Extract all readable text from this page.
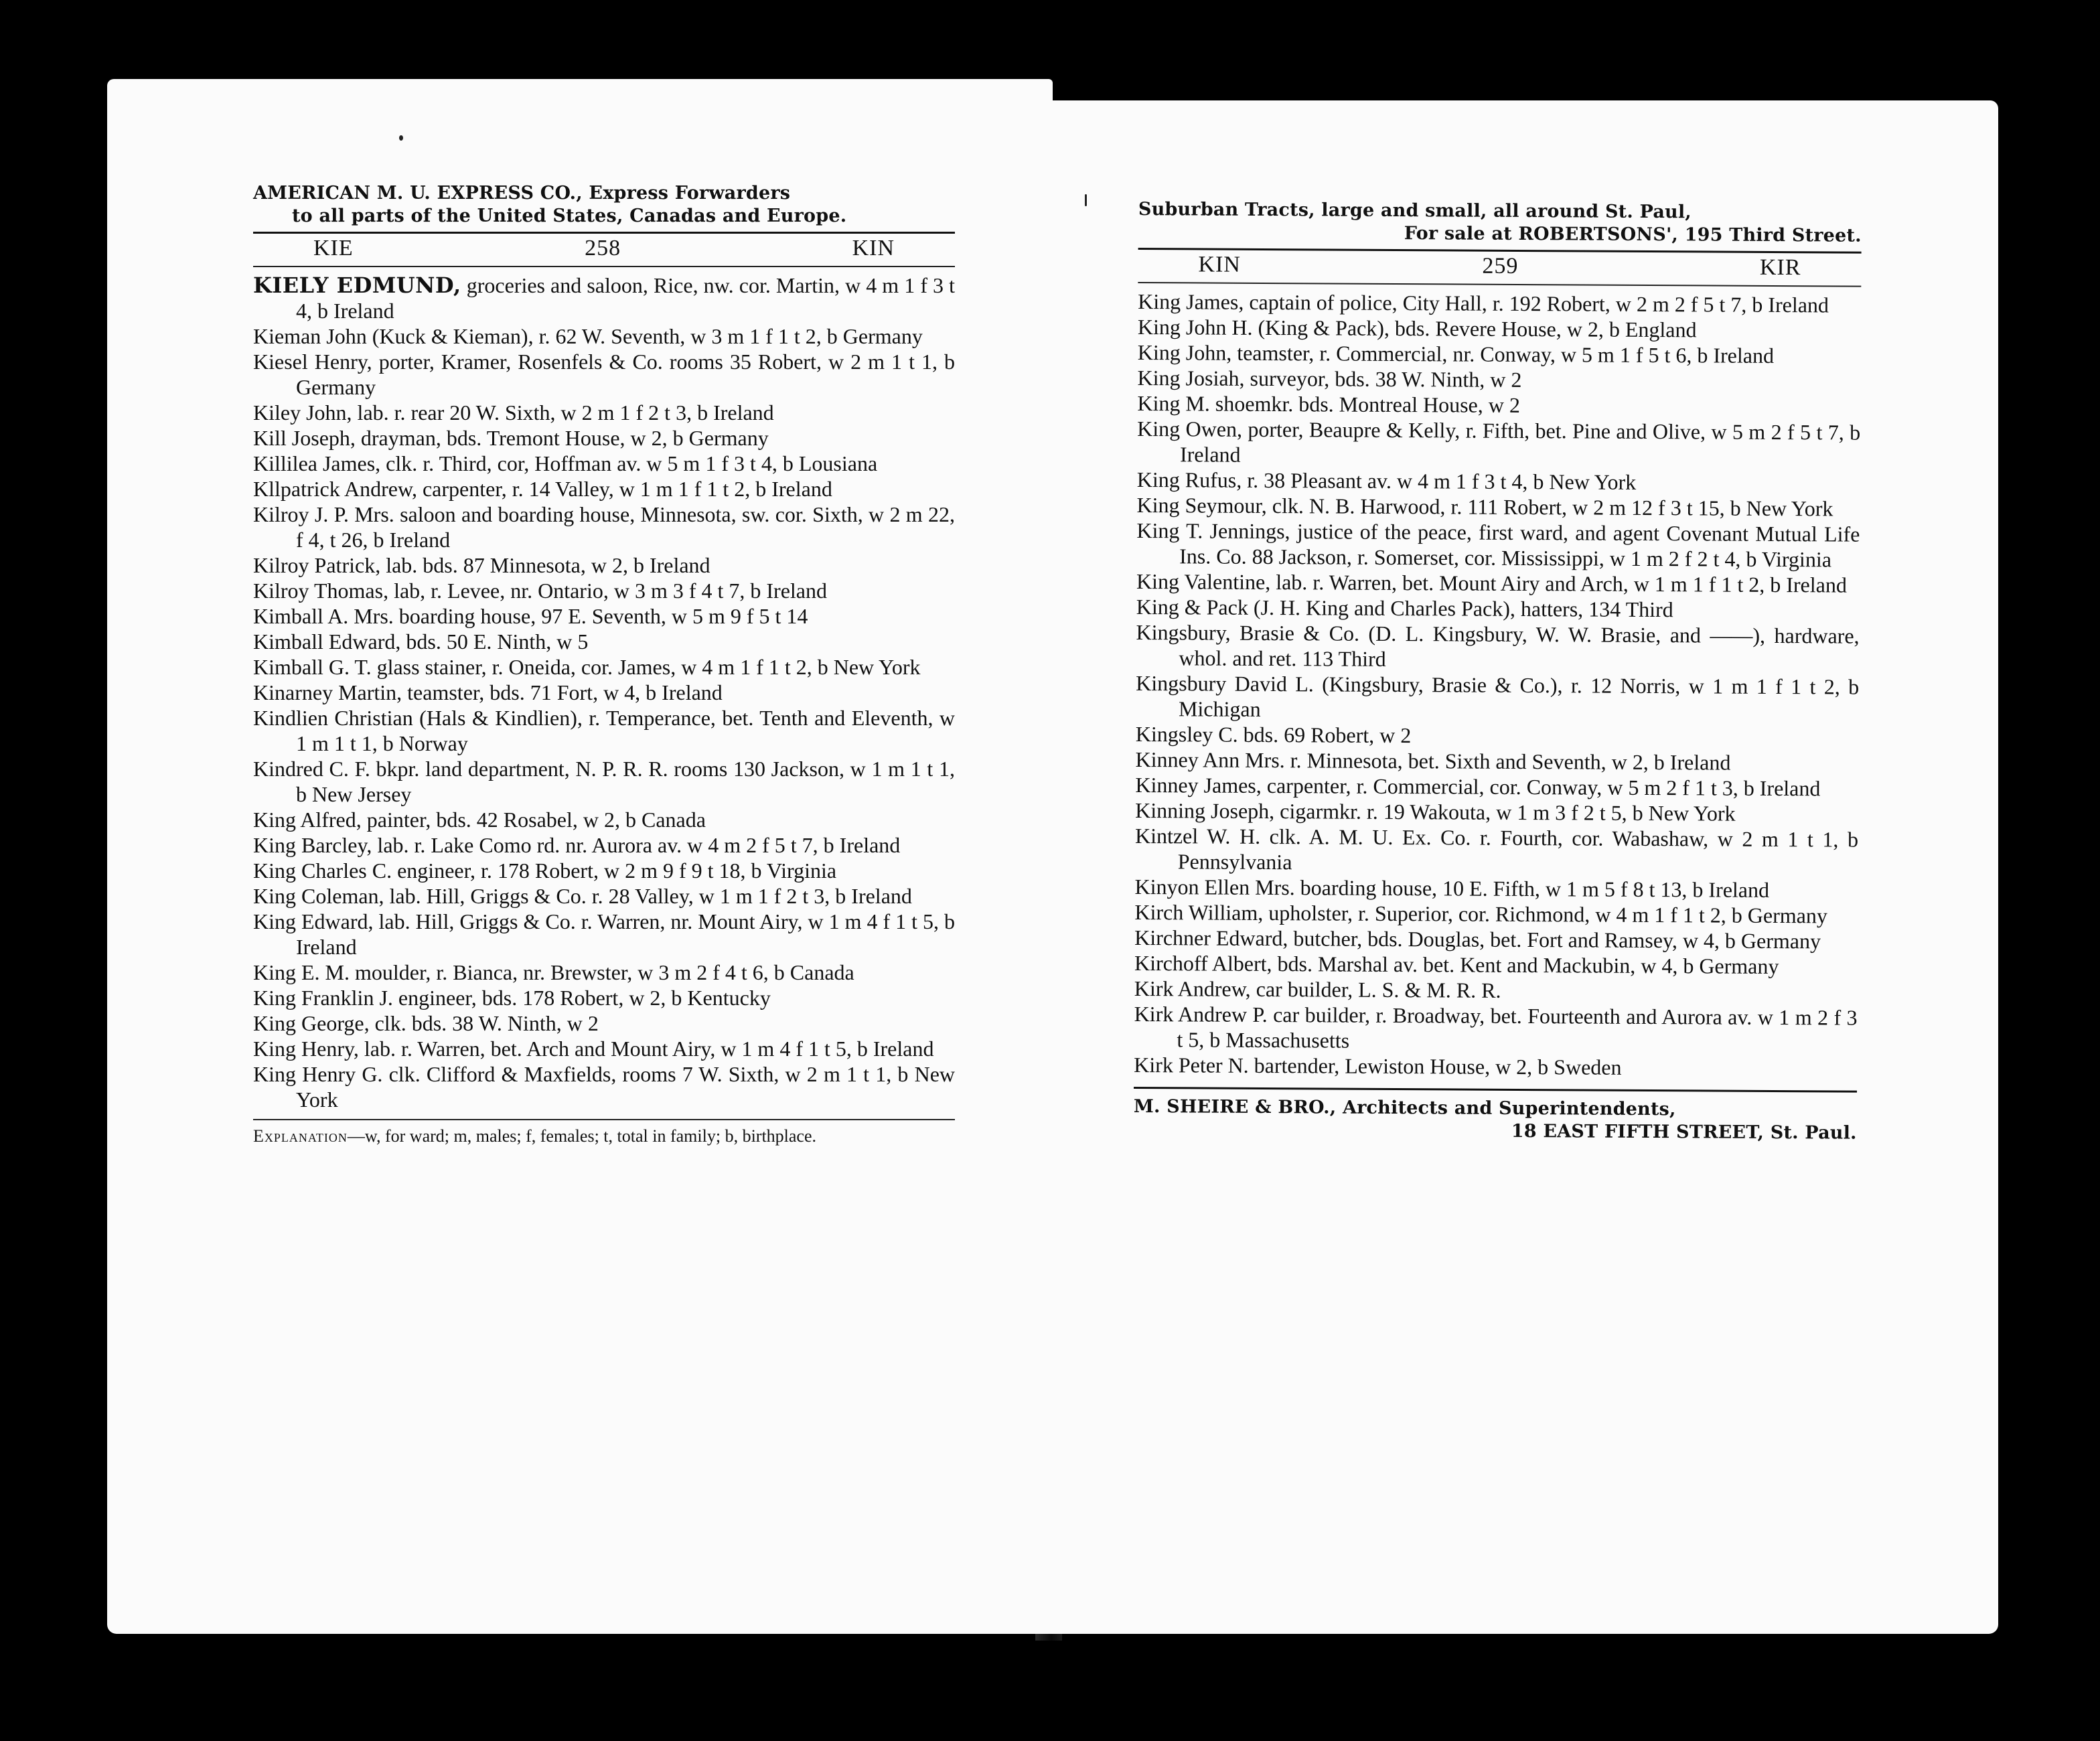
AMERICAN M. U. EXPRESS CO., Express Forwarders
to all parts of the United States, Canadas and Europe.
KIE	258	KIN

KIELY EDMUND, groceries and saloon, Rice, nw. cor. Martin, w 4 m 1 f 3 t 4, b Ireland

Kieman John (Kuck & Kieman), r. 62 W. Seventh, w 3 m 1 f 1 t 2, b Germany

Kiesel Henry, porter, Kramer, Rosenfels & Co. rooms 35 Robert, w 2 m 1 t 1, b Germany

Kiley John, lab. r. rear 20 W. Sixth, w 2 m 1 f 2 t 3, b Ireland

Kill Joseph, drayman, bds. Tremont House, w 2, b Germany

Killilea James, clk. r. Third, cor, Hoffman av. w 5 m 1 f 3 t 4, b Lousiana

Kllpatrick Andrew, carpenter, r. 14 Valley, w 1 m 1 f 1 t 2, b Ireland

Kilroy J. P. Mrs. saloon and boarding house, Minnesota, sw. cor. Sixth, w 2 m 22, f 4, t 26, b Ireland

Kilroy Patrick, lab. bds. 87 Minnesota, w 2, b Ireland

Kilroy Thomas, lab, r. Levee, nr. Ontario, w 3 m 3 f 4 t 7, b Ireland

Kimball A. Mrs. boarding house, 97 E. Seventh, w 5 m 9 f 5 t 14

Kimball Edward, bds. 50 E. Ninth, w 5

Kimball G. T. glass stainer, r. Oneida, cor. James, w 4 m 1 f 1 t 2, b New York

Kinarney Martin, teamster, bds. 71 Fort, w 4, b Ireland

Kindlien Christian (Hals & Kindlien), r. Temperance, bet. Tenth and Eleventh, w 1 m 1 t 1, b Norway

Kindred C. F. bkpr. land department, N. P. R. R. rooms 130 Jackson, w 1 m 1 t 1, b New Jersey

King Alfred, painter, bds. 42 Rosabel, w 2, b Canada

King Barcley, lab. r. Lake Como rd. nr. Aurora av. w 4 m 2 f 5 t 7, b Ireland

King Charles C. engineer, r. 178 Robert, w 2 m 9 f 9 t 18, b Virginia

King Coleman, lab. Hill, Griggs & Co. r. 28 Valley, w 1 m 1 f 2 t 3, b Ireland

King Edward, lab. Hill, Griggs & Co. r. Warren, nr. Mount Airy, w 1 m 4 f 1 t 5, b Ireland

King E. M. moulder, r. Bianca, nr. Brewster, w 3 m 2 f 4 t 6, b Canada

King Franklin J. engineer, bds. 178 Robert, w 2, b Kentucky

King George, clk. bds. 38 W. Ninth, w 2

King Henry, lab. r. Warren, bet. Arch and Mount Airy, w 1 m 4 f 1 t 5, b Ireland

King Henry G. clk. Clifford & Maxfields, rooms 7 W. Sixth, w 2 m 1 t 1, b New York

Explanation—w, for ward; m, males; f, females; t, total in family; b, birthplace.
Suburban Tracts, large and small, all around St. Paul,
For sale at ROBERTSONS', 195 Third Street.
KIN	259	KIR

King James, captain of police, City Hall, r. 192 Robert, w 2 m 2 f 5 t 7, b Ireland

King John H. (King & Pack), bds. Revere House, w 2, b England

King John, teamster, r. Commercial, nr. Conway, w 5 m 1 f 5 t 6, b Ireland

King Josiah, surveyor, bds. 38 W. Ninth, w 2

King M. shoemkr. bds. Montreal House, w 2

King Owen, porter, Beaupre & Kelly, r. Fifth, bet. Pine and Olive, w 5 m 2 f 5 t 7, b Ireland

King Rufus, r. 38 Pleasant av. w 4 m 1 f 3 t 4, b New York

King Seymour, clk. N. B. Harwood, r. 111 Robert, w 2 m 12 f 3 t 15, b New York

King T. Jennings, justice of the peace, first ward, and agent Covenant Mutual Life Ins. Co. 88 Jackson, r. Somerset, cor. Mississippi, w 1 m 2 f 2 t 4, b Virginia

King Valentine, lab. r. Warren, bet. Mount Airy and Arch, w 1 m 1 f 1 t 2, b Ireland

King & Pack (J. H. King and Charles Pack), hatters, 134 Third

Kingsbury, Brasie & Co. (D. L. Kingsbury, W. W. Brasie, and ——), hardware, whol. and ret. 113 Third

Kingsbury David L. (Kingsbury, Brasie & Co.), r. 12 Norris, w 1 m 1 f 1 t 2, b Michigan

Kingsley C. bds. 69 Robert, w 2

Kinney Ann Mrs. r. Minnesota, bet. Sixth and Seventh, w 2, b Ireland

Kinney James, carpenter, r. Commercial, cor. Conway, w 5 m 2 f 1 t 3, b Ireland

Kinning Joseph, cigarmkr. r. 19 Wakouta, w 1 m 3 f 2 t 5, b New York

Kintzel W. H. clk. A. M. U. Ex. Co. r. Fourth, cor. Wabashaw, w 2 m 1 t 1, b Pennsylvania

Kinyon Ellen Mrs. boarding house, 10 E. Fifth, w 1 m 5 f 8 t 13, b Ireland

Kirch William, upholster, r. Superior, cor. Richmond, w 4 m 1 f 1 t 2, b Germany

Kirchner Edward, butcher, bds. Douglas, bet. Fort and Ramsey, w 4, b Germany

Kirchoff Albert, bds. Marshal av. bet. Kent and Mackubin, w 4, b Germany

Kirk Andrew, car builder, L. S. & M. R. R.

Kirk Andrew P. car builder, r. Broadway, bet. Fourteenth and Aurora av. w 1 m 2 f 3 t 5, b Massachusetts

Kirk Peter N. bartender, Lewiston House, w 2, b Sweden

M. SHEIRE & BRO., Architects and Superintendents,
18 EAST FIFTH STREET, St. Paul.
